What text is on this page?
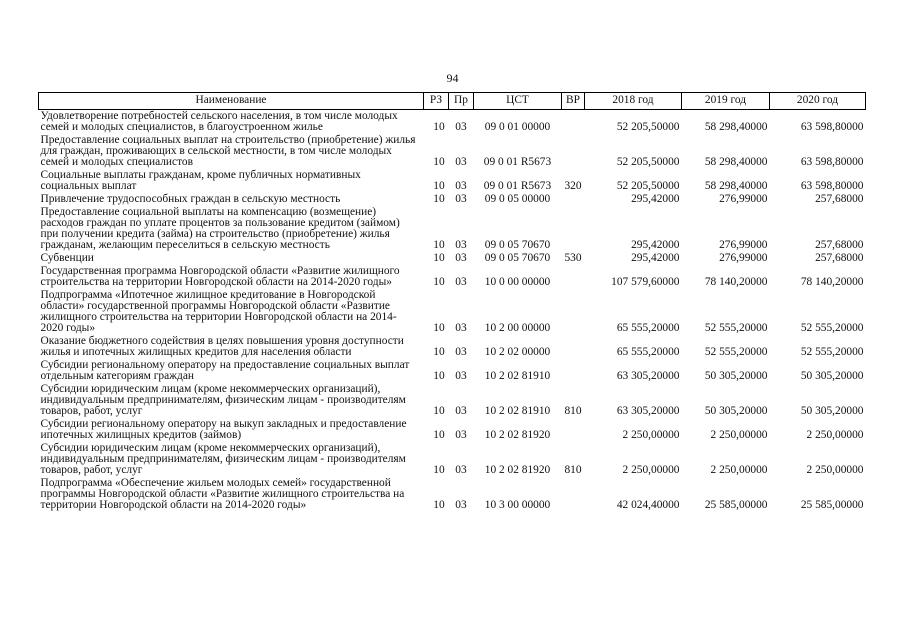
94
Наименование	РЗ	Пр	ЦСТ	ВР	2018 год	2019 год	2020 год
Удовлетворение потребностей сельского населения, в том числе молодых семей и молодых специалистов, в благоустроенном жилье	10	03	09 0 01 00000		52 205,50000	58 298,40000	63 598,80000
Предоставление социальных выплат на строительство (приобретение) жилья для граждан, проживающих в сельской местности, в том числе молодых семей и молодых специалистов	10	03	09 0 01 R5673		52 205,50000	58 298,40000	63 598,80000
Социальные выплаты гражданам, кроме публичных нормативных социальных выплат	10	03	09 0 01 R5673	320	52 205,50000	58 298,40000	63 598,80000
Привлечение трудоспособных граждан в сельскую местность	10	03	09 0 05 00000		295,42000	276,99000	257,68000
Предоставление социальной выплаты на компенсацию (возмещение) расходов граждан по уплате процентов за пользование кредитом (займом) при получении кредита (займа) на строительство (приобретение) жилья гражданам, желающим переселиться в сельскую местность	10	03	09 0 05 70670		295,42000	276,99000	257,68000
Субвенции	10	03	09 0 05 70670	530	295,42000	276,99000	257,68000
Государственная программа Новгородской области «Развитие жилищного строительства на территории Новгородской области на 2014-2020 годы»	10	03	10 0 00 00000		107 579,60000	78 140,20000	78 140,20000
Подпрограмма «Ипотечное жилищное кредитование в Новгородской области» государственной программы Новгородской области «Развитие жилищного строительства на территории Новгородской области на 2014-2020 годы»	10	03	10 2 00 00000		65 555,20000	52 555,20000	52 555,20000
Оказание бюджетного содействия в целях повышения уровня доступности жилья и ипотечных жилищных кредитов для населения области	10	03	10 2 02 00000		65 555,20000	52 555,20000	52 555,20000
Субсидии региональному оператору на предоставление социальных выплат отдельным категориям граждан	10	03	10 2 02 81910		63 305,20000	50 305,20000	50 305,20000
Субсидии юридическим лицам (кроме некоммерческих организаций), индивидуальным предпринимателям, физическим лицам - производителям товаров, работ, услуг	10	03	10 2 02 81910	810	63 305,20000	50 305,20000	50 305,20000
Субсидии региональному оператору на выкуп закладных и предоставление ипотечных жилищных кредитов (займов)	10	03	10 2 02 81920		2 250,00000	2 250,00000	2 250,00000
Субсидии юридическим лицам (кроме некоммерческих организаций), индивидуальным предпринимателям, физическим лицам - производителям товаров, работ, услуг	10	03	10 2 02 81920	810	2 250,00000	2 250,00000	2 250,00000
Подпрограмма «Обеспечение жильем молодых семей» государственной программы Новгородской области «Развитие жилищного строительства на территории Новгородской области на 2014-2020 годы»	10	03	10 3 00 00000		42 024,40000	25 585,00000	25 585,00000
